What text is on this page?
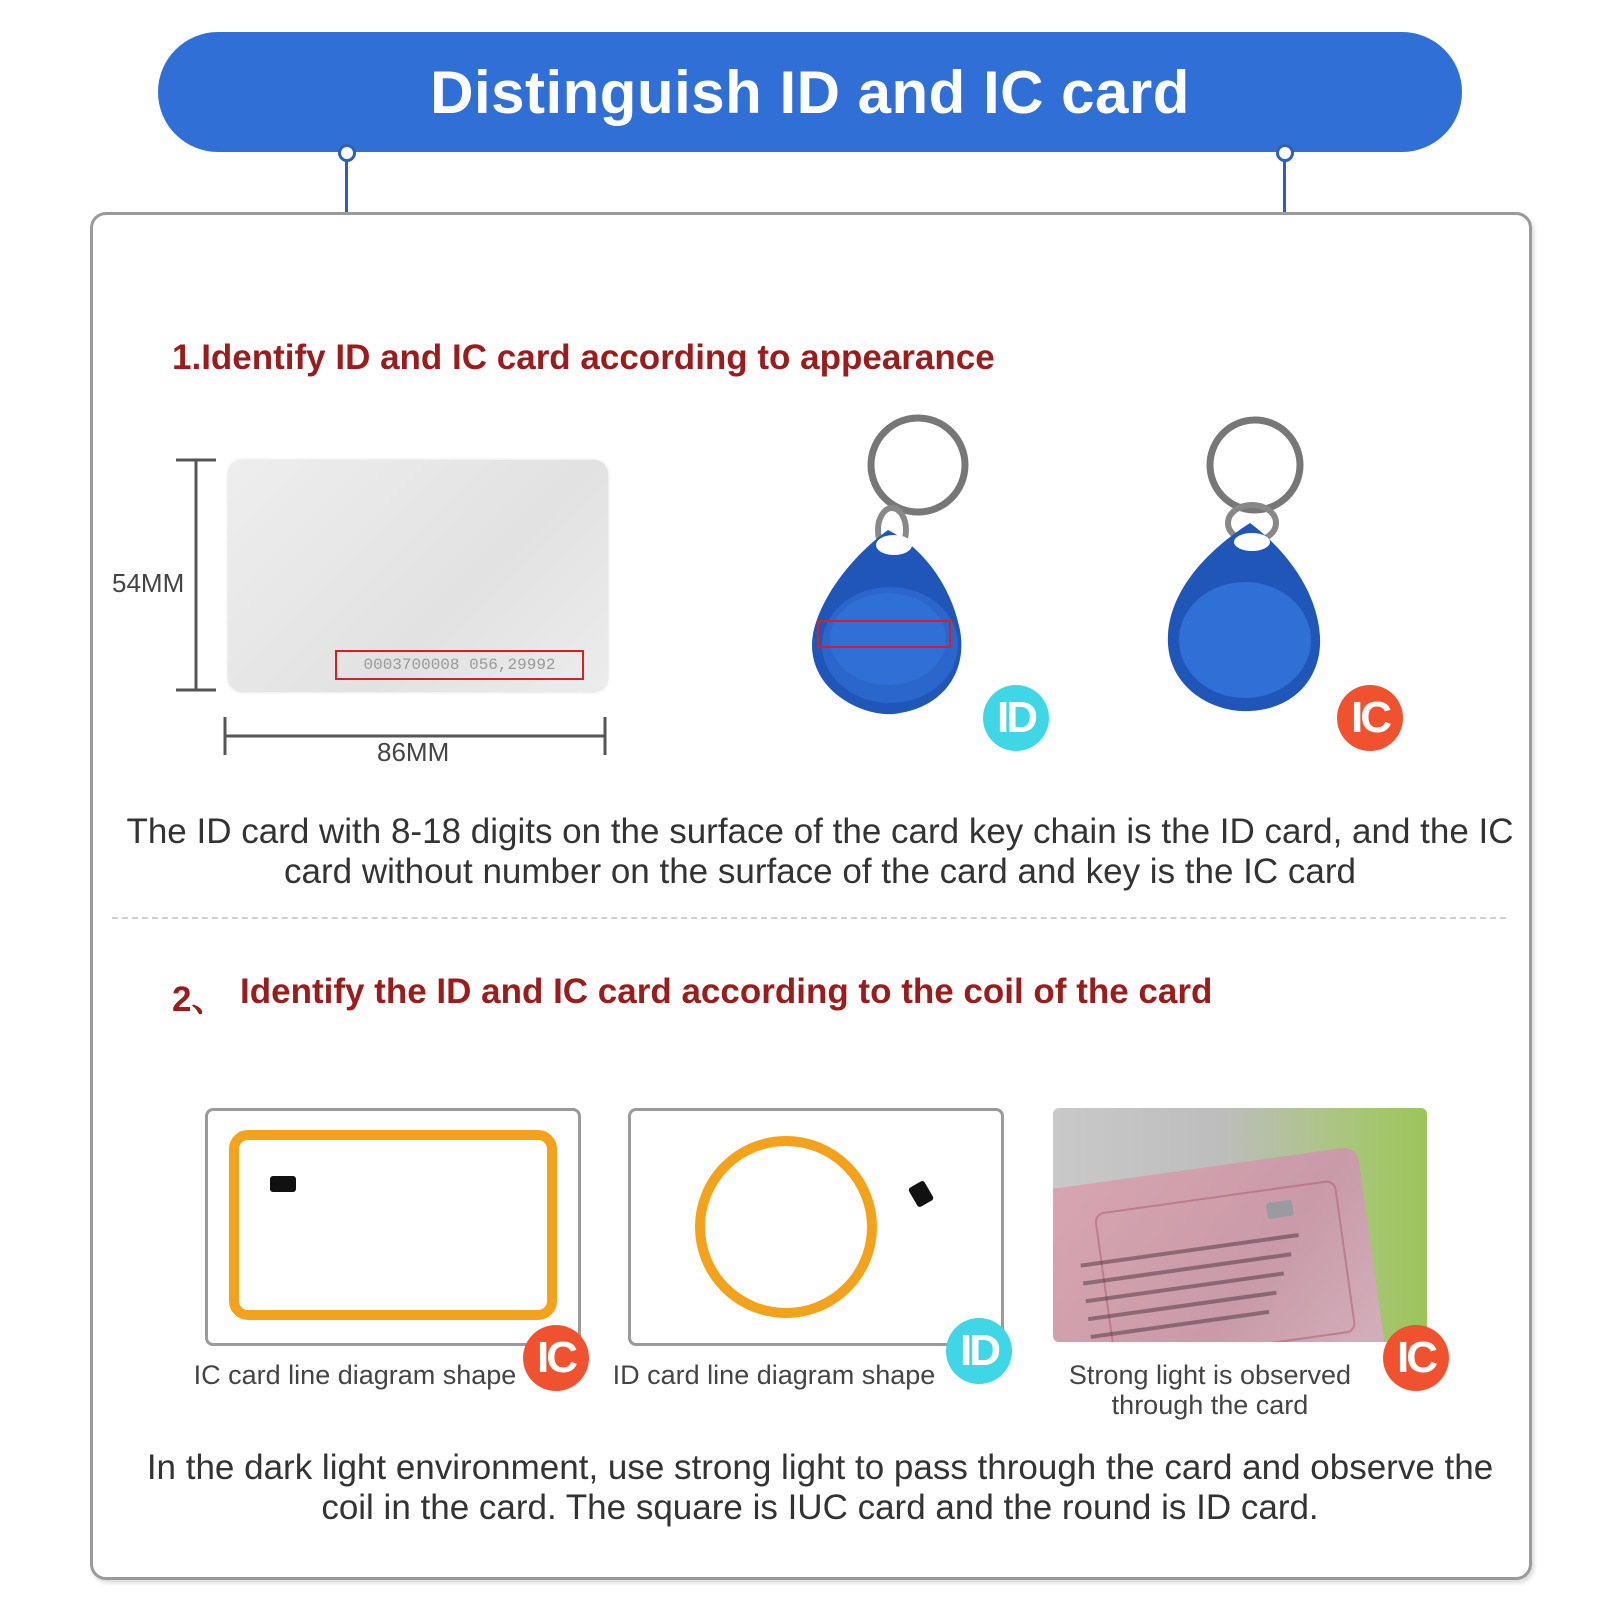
Distinguish ID and IC card
1.Identify ID and IC card according to appearance
0003700008 056,29992
54MM
86MM
ID	IC
The ID card with 8-18 digits on the surface of the card key chain is the ID card, and the IC card without number on the surface of the card and key is the IC card
2、 Identify the ID and IC card according to the coil of the card
IC
IC card line diagram shape	ID
ID card line diagram shape	IC
Strong light is observed
through the card
In the dark light environment, use strong light to pass through the card and observe the coil in the card. The square is IUC card and the round is ID card.
